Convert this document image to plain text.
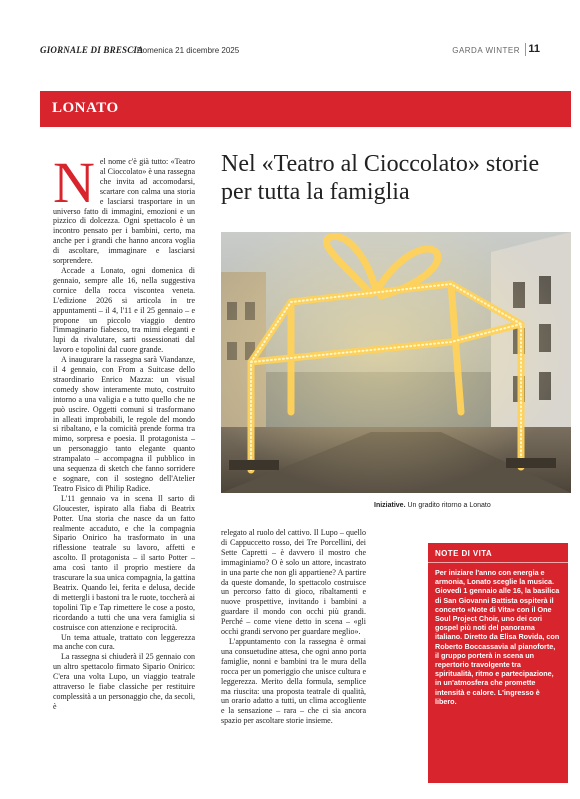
GIORNALE DI BRESCIA
· Domenica 21 dicembre 2025	GARDA WINTER 11
LONATO

Nel nome c'è già tutto: «Teatro al Cioccolato» è una rassegna che invita ad accomodarsi, scartare con calma una storia e lasciarsi trasportare in un universo fatto di immagini, emozioni e un pizzico di dolcezza. Ogni spettacolo è un incontro pensato per i bambini, certo, ma anche per i grandi che hanno ancora voglia di ascoltare, immaginare e lasciarsi sorprendere.

Accade a Lonato, ogni domenica di gennaio, sempre alle 16, nella suggestiva cornice della rocca viscontea veneta. L'edizione 2026 si articola in tre appuntamenti – il 4, l'11 e il 25 gennaio – e propone un piccolo viaggio dentro l'immaginario fiabesco, tra mimi eleganti e lupi da rivalutare, sarti ossessionati dal lavoro e topolini dal cuore grande.

A inaugurare la rassegna sarà Viandanze, il 4 gennaio, con From a Suitcase dello straordinario Enrico Mazza: un visual comedy show interamente muto, costruito intorno a una valigia e a tutto quello che ne può uscire. Oggetti comuni si trasformano in alleati improbabili, le regole del mondo si ribaltano, e la comicità prende forma tra mimo, sorpresa e poesia. Il protagonista – un personaggio tanto elegante quanto strampalato – accompagna il pubblico in una sequenza di sketch che fanno sorridere e sognare, con il sostegno dell'Atelier Teatro Fisico di Philip Radice.

L'11 gennaio va in scena Il sarto di Gloucester, ispirato alla fiaba di Beatrix Potter. Una storia che nasce da un fatto realmente accaduto, e che la compagnia Sipario Onirico ha trasformato in una riflessione teatrale su lavoro, affetti e ascolto. Il protagonista – il sarto Potter – ama così tanto il proprio mestiere da trascurare la sua unica compagnia, la gattina Beatrix. Quando lei, ferita e delusa, decide di mettergli i bastoni tra le ruote, toccherà ai topolini Tip e Tap rimettere le cose a posto, ricordando a tutti che una vera famiglia si costruisce con attenzione e reciprocità.

Un tema attuale, trattato con leggerezza ma anche con cura.

La rassegna si chiuderà il 25 gennaio con un altro spettacolo firmato Sipario Onirico: C'era una volta Lupo, un viaggio teatrale attraverso le fiabe classiche per restituire complessità a un personaggio che, da secoli, è

Nel «Teatro al Cioccolato» storie per tutta la famiglia
Iniziative. Un gradito ritorno a Lonato

relegato al ruolo del cattivo. Il Lupo – quello di Cappuccetto rosso, dei Tre Porcellini, dei Sette Capretti – è davvero il mostro che immaginiamo? O è solo un attore, incastrato in una parte che non gli appartiene? A partire da queste domande, lo spettacolo costruisce un percorso fatto di gioco, ribaltamenti e nuove prospettive, invitando i bambini a guardare il mondo con occhi più grandi. Perché – come viene detto in scena – «gli occhi grandi servono per guardare meglio».

L'appuntamento con la rassegna è ormai una consuetudine attesa, che ogni anno porta famiglie, nonni e bambini tra le mura della rocca per un pomeriggio che unisce cultura e leggerezza. Merito della formula, semplice ma riuscita: una proposta teatrale di qualità, un orario adatto a tutti, un clima accogliente e la sensazione – rara – che ci sia ancora spazio per ascoltare storie insieme.

NOTE DI VITA
Per iniziare l'anno con energia e armonia, Lonato sceglie la musica. Giovedì 1 gennaio alle 16, la basilica di San Giovanni Battista ospiterà il concerto «Note di Vita» con il One Soul Project Choir, uno dei cori gospel più noti del panorama italiano. Diretto da Elisa Rovida, con Roberto Boccassavia al pianoforte, il gruppo porterà in scena un repertorio travolgente tra spiritualità, ritmo e partecipazione, in un'atmosfera che promette intensità e calore. L'ingresso è libero.
